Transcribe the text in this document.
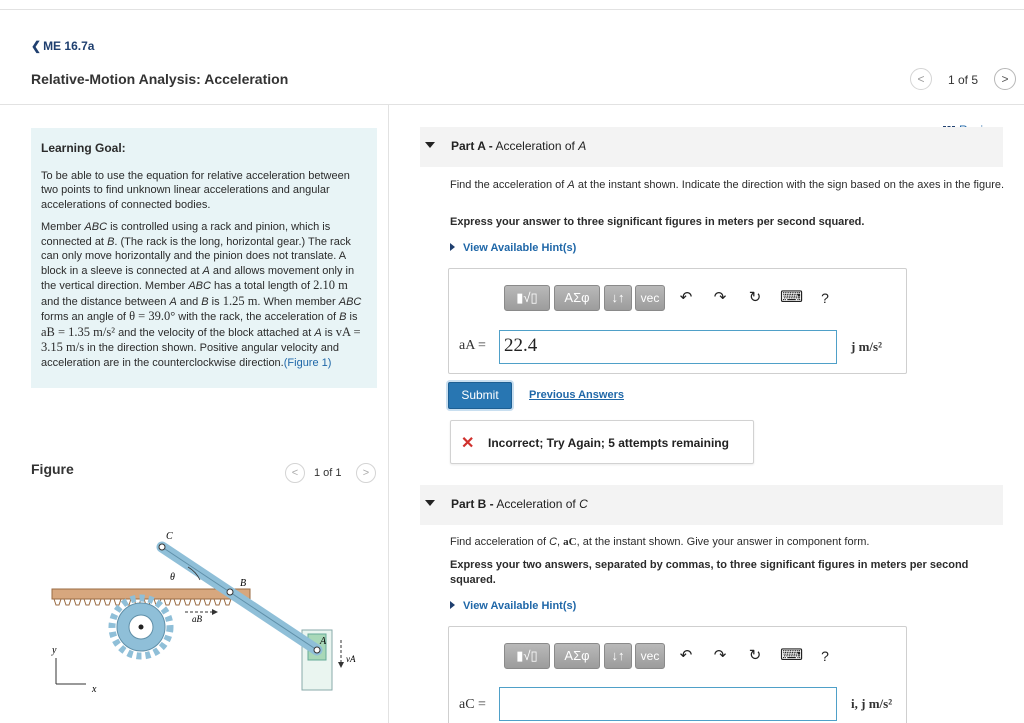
❮ ME 16.7a
Relative-Motion Analysis: Acceleration	<	1 of 5	>
Learning Goal:

To be able to use the equation for relative acceleration between two points to find unknown linear accelerations and angular accelerations of connected bodies.

Member ABC is controlled using a rack and pinion, which is connected at B. (The rack is the long, horizontal gear.) The rack can only move horizontally and the pinion does not translate. A block in a sleeve is connected at A and allows movement only in the vertical direction. Member ABC has a total length of 2.10 m and the distance between A and B is 1.25 m. When member ABC forms an angle of θ = 39.0° with the rack, the acceleration of B is aB = 1.35 m/s² and the velocity of the block attached at A is vA = 3.15 m/s in the direction shown. Positive angular velocity and acceleration are in the counterclockwise direction.(Figure 1)

Figure	<	1 of 1	>
C
θ
B
A
aB
vA
y
x
Part A - Acceleration of A
Find the acceleration of A at the instant shown. Indicate the direction with the sign based on the axes in the figure.
Express your answer to three significant figures in meters per second squared.
View Available Hint(s)
▮√▯	ΑΣφ	↓↑	vec	↶ ↷ ↻ ⌨	?
aA = 22.4	j m/s²
Submit	Previous Answers
✕ Incorrect; Try Again; 5 attempts remaining
Part B - Acceleration of C
Find acceleration of C, aC, at the instant shown. Give your answer in component form.
Express your two answers, separated by commas, to three significant figures in meters per second squared.
View Available Hint(s)
▮√▯	ΑΣφ	↓↑	vec	↶ ↷ ↻ ⌨	?
aC =	i, j m/s²
